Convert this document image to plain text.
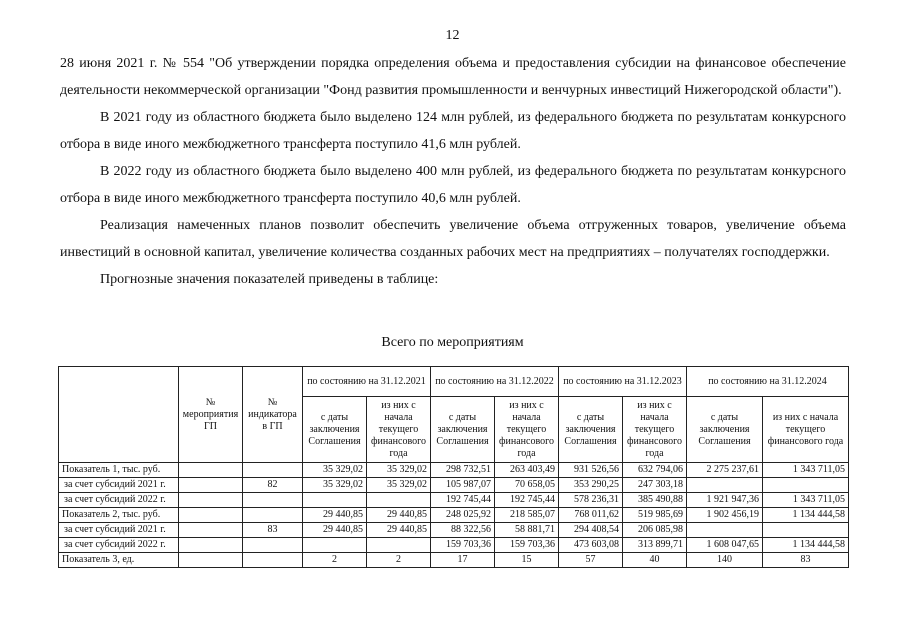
12

28 июня 2021 г. № 554 "Об утверждении порядка определения объема и предоставления субсидии на финансовое обеспечение деятельности некоммерческой организации "Фонд развития промышленности и венчурных инвестиций Нижегородской области").

В 2021 году из областного бюджета было выделено 124 млн рублей, из федерального бюджета по результатам конкурсного отбора в виде иного межбюджетного трансферта поступило 41,6 млн рублей.

В 2022 году из областного бюджета было выделено 400 млн рублей, из федерального бюджета по результатам конкурсного отбора в виде иного межбюджетного трансферта поступило 40,6 млн рублей.

Реализация намеченных планов позволит обеспечить увеличение объема отгруженных товаров, увеличение объема инвестиций в основной капитал, увеличение количества созданных рабочих мест на предприятиях – получателях господдержки.

Прогнозные значения показателей приведены в таблице:

Всего по мероприятиям
	№ мероприятия ГП	№ индикатора в ГП	по состоянию на 31.12.2021		по состоянию на 31.12.2022		по состоянию на 31.12.2023		по состоянию на 31.12.2024	
			с даты заключения Соглашения	из них с начала текущего финансового года	с даты заключения Соглашения	из них с начала текущего финансового года	с даты заключения Соглашения	из них с начала текущего финансового года	с даты заключения Соглашения	из них с начала текущего финансового года
Показатель 1, тыс. руб.			35 329,02	35 329,02	298 732,51	263 403,49	931 526,56	632 794,06	2 275 237,61	1 343 711,05
за счет субсидий 2021 г.		82	35 329,02	35 329,02	105 987,07	70 658,05	353 290,25	247 303,18		
за счет субсидий 2022 г.					192 745,44	192 745,44	578 236,31	385 490,88	1 921 947,36	1 343 711,05
Показатель 2, тыс. руб.			29 440,85	29 440,85	248 025,92	218 585,07	768 011,62	519 985,69	1 902 456,19	1 134 444,58
за счет субсидий 2021 г.		83	29 440,85	29 440,85	88 322,56	58 881,71	294 408,54	206 085,98		
за счет субсидий 2022 г.					159 703,36	159 703,36	473 603,08	313 899,71	1 608 047,65	1 134 444,58
Показатель 3, ед.			2	2	17	15	57	40	140	83
